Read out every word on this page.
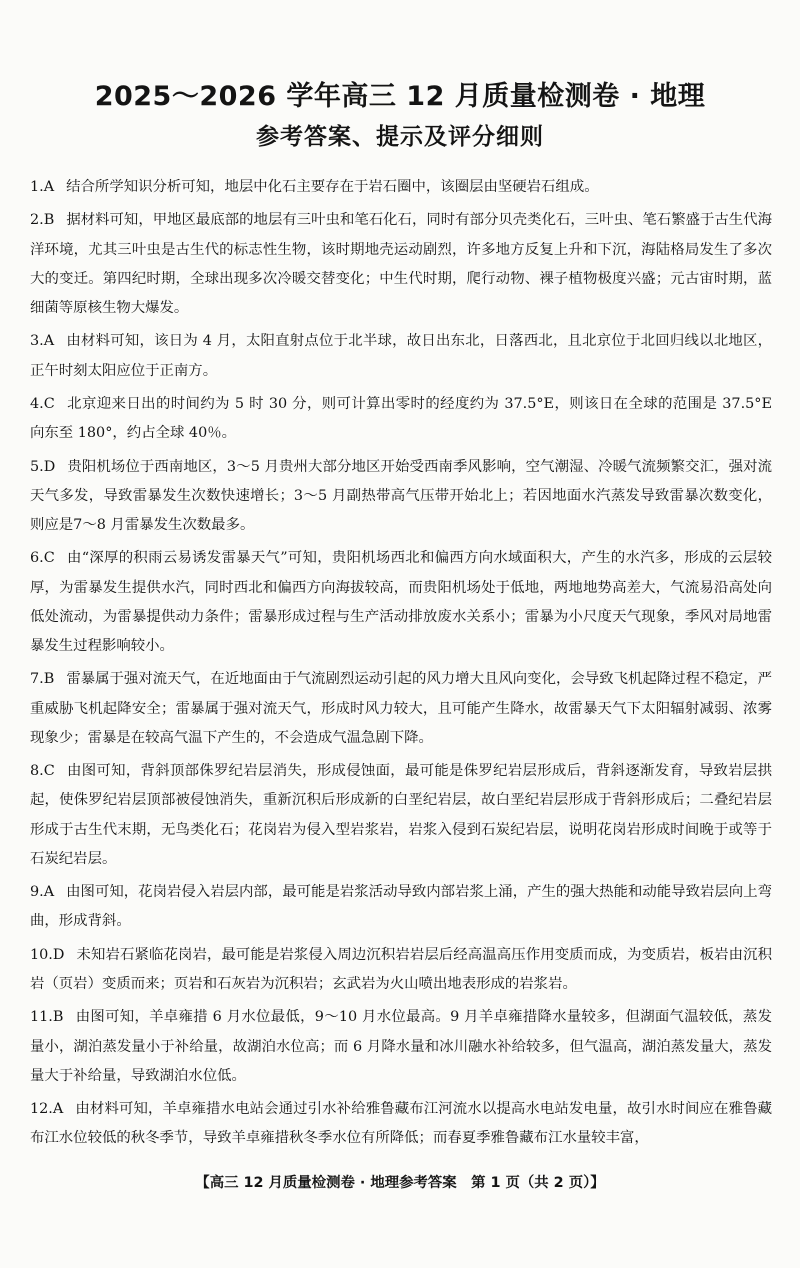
2025～2026 学年高三 12 月质量检测卷 · 地理
参考答案、提示及评分细则

1.A 结合所学知识分析可知，地层中化石主要存在于岩石圈中，该圈层由坚硬岩石组成。

2.B 据材料可知，甲地区最底部的地层有三叶虫和笔石化石，同时有部分贝壳类化石，三叶虫、笔石繁盛于古生代海洋环境，尤其三叶虫是古生代的标志性生物，该时期地壳运动剧烈，许多地方反复上升和下沉，海陆格局发生了多次大的变迁。第四纪时期，全球出现多次冷暖交替变化；中生代时期，爬行动物、裸子植物极度兴盛；元古宙时期，蓝细菌等原核生物大爆发。

3.A 由材料可知，该日为 4 月，太阳直射点位于北半球，故日出东北，日落西北，且北京位于北回归线以北地区，正午时刻太阳应位于正南方。

4.C 北京迎来日出的时间约为 5 时 30 分，则可计算出零时的经度约为 37.5°E，则该日在全球的范围是 37.5°E 向东至 180°，约占全球 40％。

5.D 贵阳机场位于西南地区，3～5 月贵州大部分地区开始受西南季风影响，空气潮湿、冷暖气流频繁交汇，强对流天气多发，导致雷暴发生次数快速增长；3～5 月副热带高气压带开始北上；若因地面水汽蒸发导致雷暴次数变化，则应是7～8 月雷暴发生次数最多。

6.C 由“深厚的积雨云易诱发雷暴天气”可知，贵阳机场西北和偏西方向水域面积大，产生的水汽多，形成的云层较厚，为雷暴发生提供水汽，同时西北和偏西方向海拔较高，而贵阳机场处于低地，两地地势高差大，气流易沿高处向低处流动，为雷暴提供动力条件；雷暴形成过程与生产活动排放废水关系小；雷暴为小尺度天气现象，季风对局地雷暴发生过程影响较小。

7.B 雷暴属于强对流天气，在近地面由于气流剧烈运动引起的风力增大且风向变化，会导致飞机起降过程不稳定，严重威胁飞机起降安全；雷暴属于强对流天气，形成时风力较大，且可能产生降水，故雷暴天气下太阳辐射减弱、浓雾现象少；雷暴是在较高气温下产生的，不会造成气温急剧下降。

8.C 由图可知，背斜顶部侏罗纪岩层消失，形成侵蚀面，最可能是侏罗纪岩层形成后，背斜逐渐发育，导致岩层拱起，使侏罗纪岩层顶部被侵蚀消失，重新沉积后形成新的白垩纪岩层，故白垩纪岩层形成于背斜形成后；二叠纪岩层形成于古生代末期，无鸟类化石；花岗岩为侵入型岩浆岩，岩浆入侵到石炭纪岩层，说明花岗岩形成时间晚于或等于石炭纪岩层。

9.A 由图可知，花岗岩侵入岩层内部，最可能是岩浆活动导致内部岩浆上涌，产生的强大热能和动能导致岩层向上弯曲，形成背斜。

10.D 未知岩石紧临花岗岩，最可能是岩浆侵入周边沉积岩岩层后经高温高压作用变质而成，为变质岩，板岩由沉积岩（页岩）变质而来；页岩和石灰岩为沉积岩；玄武岩为火山喷出地表形成的岩浆岩。

11.B 由图可知，羊卓雍措 6 月水位最低，9～10 月水位最高。9 月羊卓雍措降水量较多，但湖面气温较低，蒸发量小，湖泊蒸发量小于补给量，故湖泊水位高；而 6 月降水量和冰川融水补给较多，但气温高，湖泊蒸发量大，蒸发量大于补给量，导致湖泊水位低。

12.A 由材料可知，羊卓雍措水电站会通过引水补给雅鲁藏布江河流水以提高水电站发电量，故引水时间应在雅鲁藏布江水位较低的秋冬季节，导致羊卓雍措秋冬季水位有所降低；而春夏季雅鲁藏布江水量较丰富，

【高三 12 月质量检测卷 · 地理参考答案　第 1 页（共 2 页）】
